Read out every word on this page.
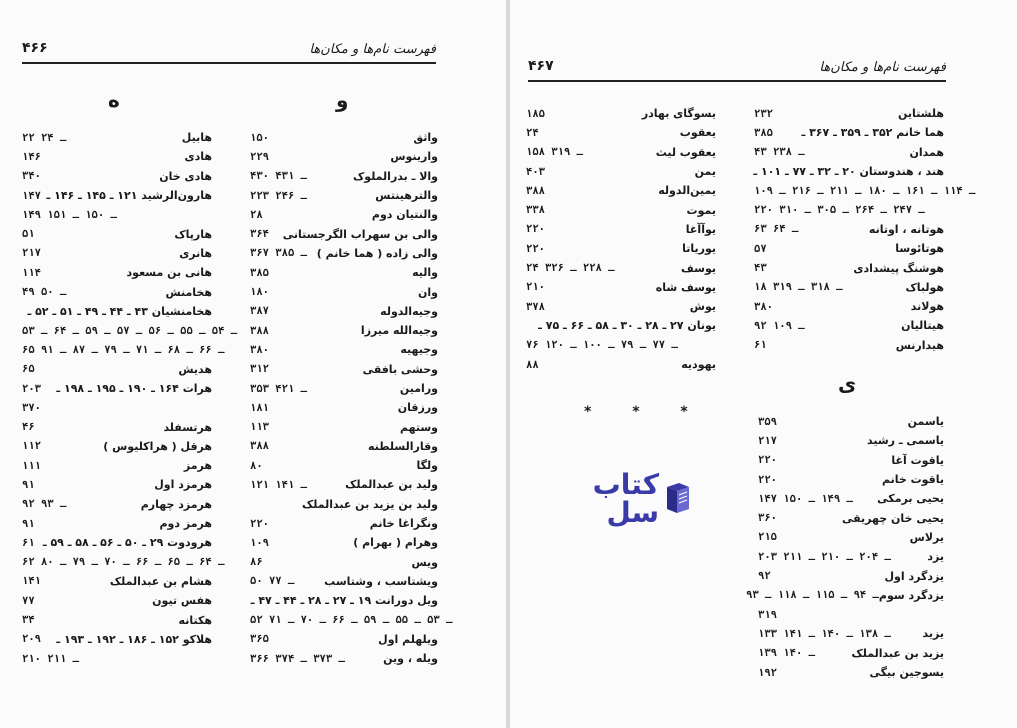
فهرست نام‌ها و مکان‌ها
۴۶۶
و
ه
واثق
۱۵۰
وارینوس
۲۲۹
والا ـ بدرالملوک
۴۳۰ ـ ۴۳۱
والترهینتس
۲۲۳ ـ ۲۴۶
والنتیان دوم
۲۸
والی بن سهراب الگرجستانی
۳۶۴
والی زاده ( هما خانم )
۳۶۷ ـ ۳۸۵
والیه
۳۸۵
وان
۱۸۰
وجیه‌الدوله
۳۸۷
وجیه‌الله میرزا
۳۸۸
وجیهیه
۳۸۰
وحشی بافقی
۳۱۲
ورامین
۳۵۳ ـ ۴۲۱
ورزقان
۱۸۱
وستهم
۱۱۳
وقارالسلطنه
۳۸۸
ولگا
۸۰
ولید بن عبدالملک
۱۲۱ ـ ۱۴۱
ولید بن یزید بن عبدالملک
ونگراغا خانم
۲۲۰
وهرام ( بهرام )
۱۰۹
ویس
۸۶
ویشتاسب ، وشتاسب
۵۰ ـ ۷۷
ویل دورانت ۱۹ ـ ۲۷ ـ ۲۸ ـ ۴۴ ـ ۴۷ ـ
۵۲ ـ ۵۳ ـ ۵۵ ـ ۵۹ ـ ۶۶ ـ ۷۰ ـ ۷۱
ویلهلم اول
۳۶۵
ویله ، وین
۳۶۶ ـ ۳۷۳ ـ ۳۷۴
هابیل
۲۲ ـ ۲۴
هادی
۱۴۶
هادی خان
۳۴۰
هارون‌الرشید ۱۲۱ ـ ۱۴۵ ـ ۱۴۶ ـ
۱۴۷
۱۴۹ ـ ۱۵۰ ـ ۱۵۱
هارپاک
۵۱
هانری
۲۱۷
هانی بن مسعود
۱۱۴
هخامنش
۴۹ ـ ۵۰
هخامنشیان ۴۳ ـ ۴۴ ـ ۴۹ ـ ۵۱ ـ ۵۲ ـ
۵۳ ـ ۵۴ ـ ۵۵ ـ ۵۶ ـ ۵۷ ـ ۵۹ ـ ۶۴ ـ
۶۵ ـ ۶۶ ـ ۶۸ ـ ۷۱ ـ ۷۹ ـ ۸۷ ـ ۹۱
هدیش
۶۵
هرات ۱۶۴ ـ ۱۹۰ ـ ۱۹۵ ـ ۱۹۸ ـ
۲۰۳
۳۷۰
هرتسفلد
۴۶
هرقل ( هراکلیوس )
۱۱۲
هرمز
۱۱۱
هرمزد اول
۹۱
هرمزد چهارم
۹۲ ـ ۹۳
هرمز دوم
۹۱
هرودوت ۲۹ ـ ۵۰ ـ ۵۶ ـ ۵۸ ـ ۵۹ ـ
۶۱
۶۲ ـ ۶۴ ـ ۶۵ ـ ۶۶ ـ ۷۰ ـ ۷۹ ـ ۸۰
هشام بن عبدالملک
۱۴۱
هفس تیون
۷۷
هکتانه
۳۴
هلاکو ۱۵۲ ـ ۱۸۶ ـ ۱۹۲ ـ ۱۹۳ ـ
۲۰۹
۲۱۰ ـ ۲۱۱
فهرست نام‌ها و مکان‌ها
۴۶۷
هلشتاین
۲۳۲
هما خانم ۳۵۲ ـ ۳۵۹ ـ ۳۶۷ ـ
۳۸۵
همدان
۴۳ ـ ۲۳۸
هند ، هندوستان ۲۰ ـ ۳۲ ـ ۷۷ ـ ۱۰۱ ـ
۱۰۹ ـ ۱۱۴ ـ ۱۶۱ ـ ۱۸۰ ـ ۲۱۱ ـ ۲۱۶ ـ
۲۲۰ ـ ۲۴۷ ـ ۲۶۴ ـ ۳۰۵ ـ ۳۱۰
هوتانه ، اوتانه
۶۳ ـ ۶۴
هوتائوسا
۵۷
هوشنگ پیشدادی
۴۳
هولباک
۱۸ ـ ۳۱۸ ـ ۳۱۹
هولاند
۳۸۰
هیتالیان
۹۲ ـ ۱۰۹
هیدارنس
۶۱
ی
یاسمن
۳۵۹
یاسمی ـ رشید
۲۱۷
یاقوت آغا
۲۲۰
یاقوت خانم
۲۲۰
یحیی برمکی
۱۴۷ ـ ۱۴۹ ـ ۱۵۰
یحیی خان چهریقی
۳۶۰
یرلاس
۲۱۵
یزد
۲۰۳ ـ ۲۰۴ ـ ۲۱۰ ـ ۲۱۱
یزدگرد اول
۹۲
یزدگرد سوم
۹۳ ـ ۹۴ ـ ۱۱۵ ـ ۱۱۸ ـ
۳۱۹
یزید
۱۳۳ ـ ۱۳۸ ـ ۱۴۰ ـ ۱۴۱
یزید بن عبدالملک
۱۳۹ ـ ۱۴۰
یسوجین بیگی
۱۹۲
یسوگای بهادر
۱۸۵
یعقوب
۲۴
یعقوب لیث
۱۵۸ ـ ۳۱۹
یمن
۴۰۳
یمین‌الدوله
۳۸۸
یموت
۳۳۸
یوآآغا
۲۲۰
یوریاتا
۲۲۰
یوسف
۲۴ ـ ۲۲۸ ـ ۳۲۶
یوسف شاه
۲۱۰
یوش
۳۷۸
یونان ۲۷ ـ ۲۸ ـ ۳۰ ـ ۵۸ ـ ۶۶ ـ ۷۵ ـ
۷۶ ـ ۷۷ ـ ۷۹ ـ ۱۰۰ ـ ۱۲۰
یهودیه
۸۸
* * *
کتاب سل
